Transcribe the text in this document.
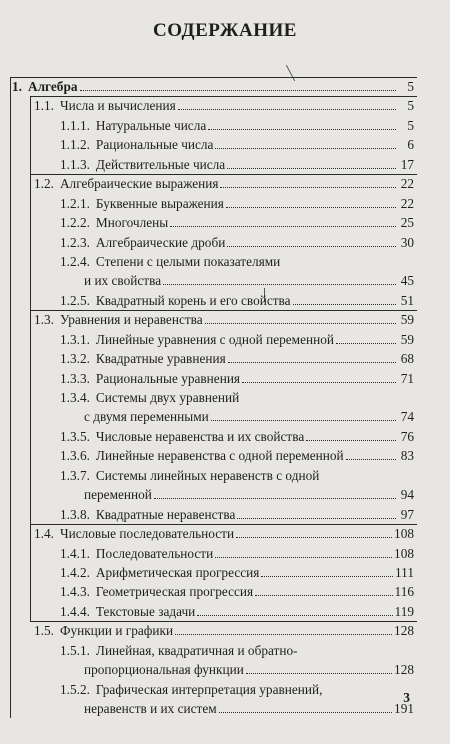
СОДЕРЖАНИЕ
1. Алгебра	5
1.1. Числа и вычисления	5
1.1.1. Натуральные числа	5
1.1.2. Рациональные числа	6
1.1.3. Действительные числа	17
1.2. Алгебраические выражения	22
1.2.1. Буквенные выражения	22
1.2.2. Многочлены	25
1.2.3. Алгебраические дроби	30
1.2.4. Степени с целыми показателями
и их свойства	45
1.2.5. Квадратный корень и его свойства	51
1.3. Уравнения и неравенства	59
1.3.1. Линейные уравнения с одной переменной	59
1.3.2. Квадратные уравнения	68
1.3.3. Рациональные уравнения	71
1.3.4. Системы двух уравнений
с двумя переменными	74
1.3.5. Числовые неравенства и их свойства	76
1.3.6. Линейные неравенства с одной переменной	83
1.3.7. Системы линейных неравенств с одной
переменной	94
1.3.8. Квадратные неравенства	97
1.4. Числовые последовательности	108
1.4.1. Последовательности	108
1.4.2. Арифметическая прогрессия	111
1.4.3. Геометрическая прогрессия	116
1.4.4. Текстовые задачи	119
1.5. Функции и графики	128
1.5.1. Линейная, квадратичная и обратно-
пропорциональная функции	128
1.5.2. Графическая интерпретация уравнений,
неравенств и их систем	191
3
